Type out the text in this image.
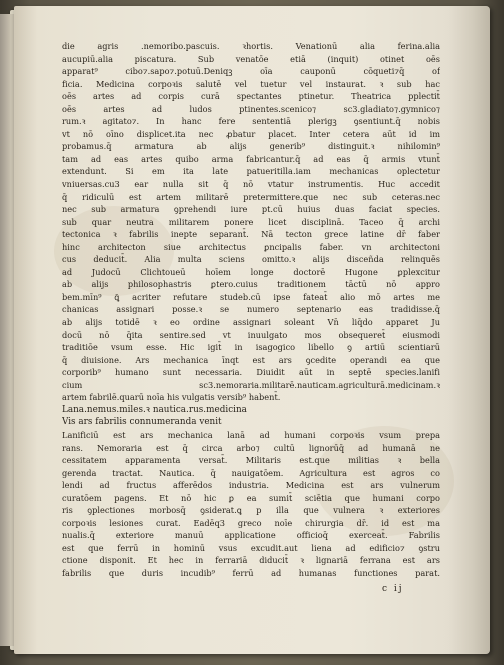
die agris .nemoribo.pascuis. ꝛhortis. Venationū alia ferina.alia
aucupiū.alia piscatura. Sub venatōe etiā (inquit) otinet oēs
apparat⁹ cibo⁊.sapo⁊.potuū.Deniqꝫ oīa cauponū cōqueti⁊q̄ of
ficia. Medicina corpoꝛis salutē vel tuetur vel instaurat. ꝛ sub hac
oēs artes ad corpis curā spectantes ptinetur. Theatrica pplectit̄
oēs artes ad ludos ptinentes.scenico⁊ sc3.gladiato⁊.gymnico⁊
rum.ꝛ agitato⁊. In hanc fere sententiā plerigꝫ ꝯsentiunt.q̄ nobis
vt nō oīno displicet.ita nec ꝓbatur placet. Inter cetera aūt id im
probamus.q̄ armatura ab alijs generib⁹ distinguit.ꝛ nihilomin⁹
tam ad eas artes quibo arma fabricantur.q̄ ad eas q̄ armis vtunt̄
extendunt. Si em ita late patueritilla.iam mechanicas oplectetur
vniuersas.cu3 ear nulla sit q̄ nō vtatur instrumentis. Huc accedit
q̄ ridiculū est artem militarē pretermittere.que nec sub ceteras.nec
nec sub armatura ꝯprehendi iure pt.cū huius duas faciat species.
sub quar neutra militarem ponere licet disciplinā. Taceo q̄ archi
tectonica ꝛ fabrilis inepte separant̄. Nā tecton grece latine dr̄ faber
hinc architecton siue architectus ꝑncipalis faber. vn architectoni
cus deducit̄. Alia multa sciens omitto.ꝛ alijs disceñda relinquēs
ad Judocū Clichtoueū hoīem longe doctorē Hugone ꝑplexcitur
ab alijs philosophastris ꝑtero.cuius traditionem tāctū nō appro
bem.mīn⁹ ꝗ̄ acriter refutare studeb.cū ipse fateat̄ alio mō artes me
chanicas assignari posse.ꝛ se numero septenario eas tradidisse.q̄
ab alijs totidē ꝛ eo ordine assignari soleant Vn̄ liq̄do apparet Ju
docū nō q̄ita sentire.sed vt inuulgato mos obsequeret̄ eiusmodi
traditiōe vsum esse. Hic igit̄ in isagogico libello ꝯ artiū scientiarū
q̄ diuisione. Ars mechanica īnqt est ars ꝯcedite operandi ea que
corporib⁹ humano sunt necessaria. Diuidit aūt in septē species.lanifi
cium sc3.nemoraria.militarē.nauticam.agriculturā.medicinam.ꝛ
artem fabrilē.quarū noīa his vulgatis versib⁹ habent̄.
Lana.nemus.miles.ꝛ nautica.rus.medicina
Vis ars fabrilis connumeranda venit
Lanificiū est ars mechanica lanā ad humani corpoꝛis vsum prepa
rans. Nemoraria est q̄ circa arbo⁊ cultū lignorūq̄ ad humanā ne
cessitatem apparamenta versat̄. Militaris est.que militias ꝛ bella
gerenda tractat. Nautica. q̄ nauigatōem. Agricultura est agros co
lendi ad fructus afferēdos industria. Medicina est ars vulnerum
curatōem pagens. Et nō hic ꝑ ea sumit̄ sciētia que humani corpo
ris ꝯplectiones morbosq̄ ꝯsiderat.ꝗ p illa que vulnera ꝛ exteriores
corpoꝛis lesiones curat. Eadēq3 greco noīe chirurgia dr̄. id est ma
nualis.q̄ exteriore manuū applicatione officioq̄ exerceat̄. Fabrilis
est que ferrū in hominū vsus excudit.aut liena ad edificio⁊ ꝯstru
ctione disponit. Et hec in ferrariā diducit̄ ꝛ lignariā ferrana est ars
fabrilis que duris incudib⁹ ferrū ad humanas functiones parat.
c ij
